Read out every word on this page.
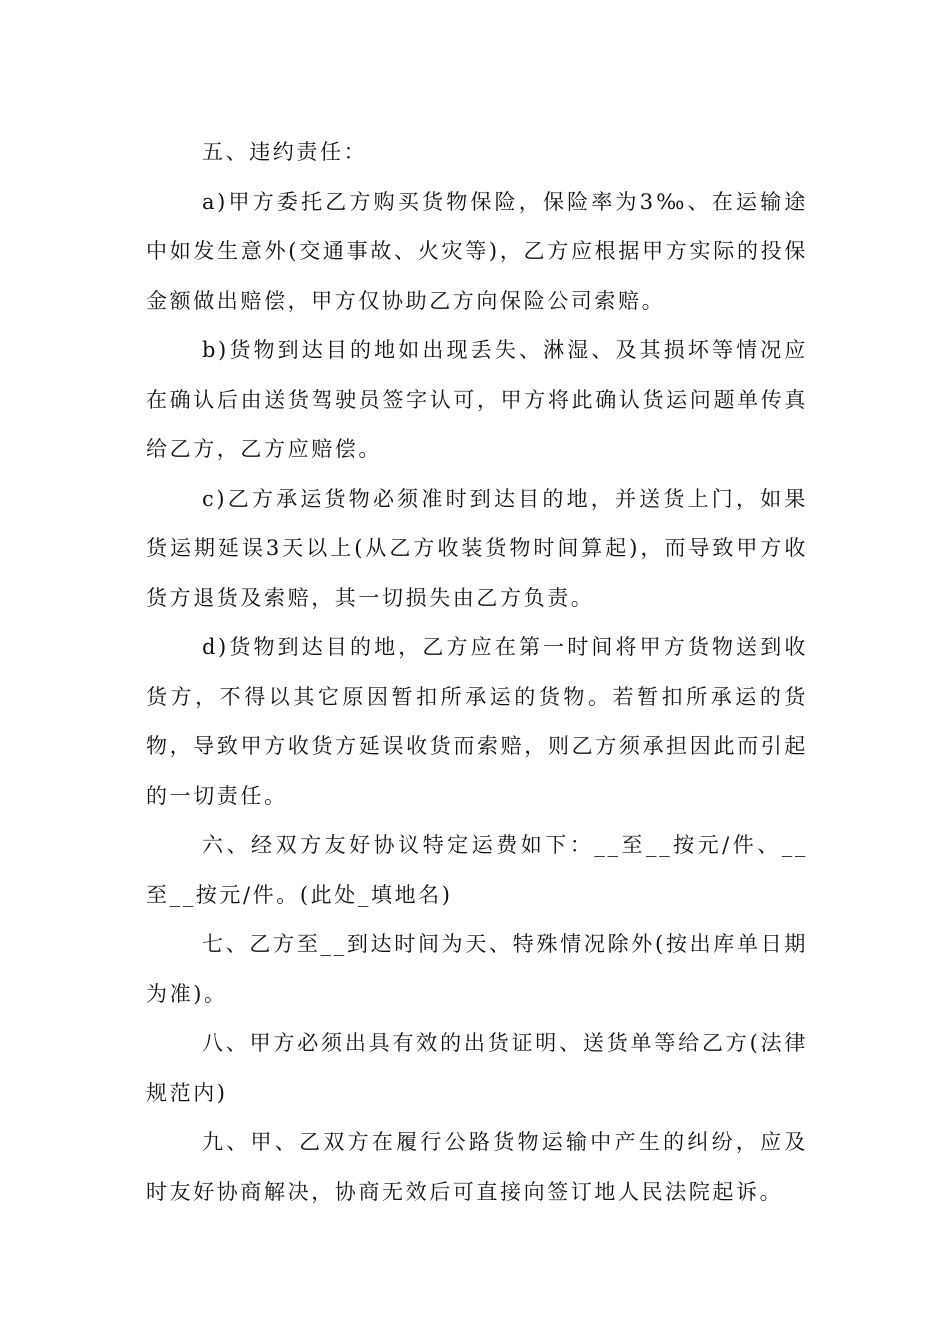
五、违约责任：

a)甲方委托乙方购买货物保险，保险率为3‰、在运输途中如发生意外(交通事故、火灾等)，乙方应根据甲方实际的投保金额做出赔偿，甲方仅协助乙方向保险公司索赔。

b)货物到达目的地如出现丢失、淋湿、及其损坏等情况应在确认后由送货驾驶员签字认可，甲方将此确认货运问题单传真给乙方，乙方应赔偿。

c)乙方承运货物必须准时到达目的地，并送货上门，如果货运期延误3天以上(从乙方收装货物时间算起)，而导致甲方收货方退货及索赔，其一切损失由乙方负责。

d)货物到达目的地，乙方应在第一时间将甲方货物送到收货方，不得以其它原因暂扣所承运的货物。若暂扣所承运的货物，导致甲方收货方延误收货而索赔，则乙方须承担因此而引起的一切责任。

六、经双方友好协议特定运费如下：__至__按元/件、__至__按元/件。(此处_填地名)

七、乙方至__到达时间为天、特殊情况除外(按出库单日期为准)。

八、甲方必须出具有效的出货证明、送货单等给乙方(法律规范内)

九、甲、乙双方在履行公路货物运输中产生的纠纷，应及时友好协商解决，协商无效后可直接向签订地人民法院起诉。
